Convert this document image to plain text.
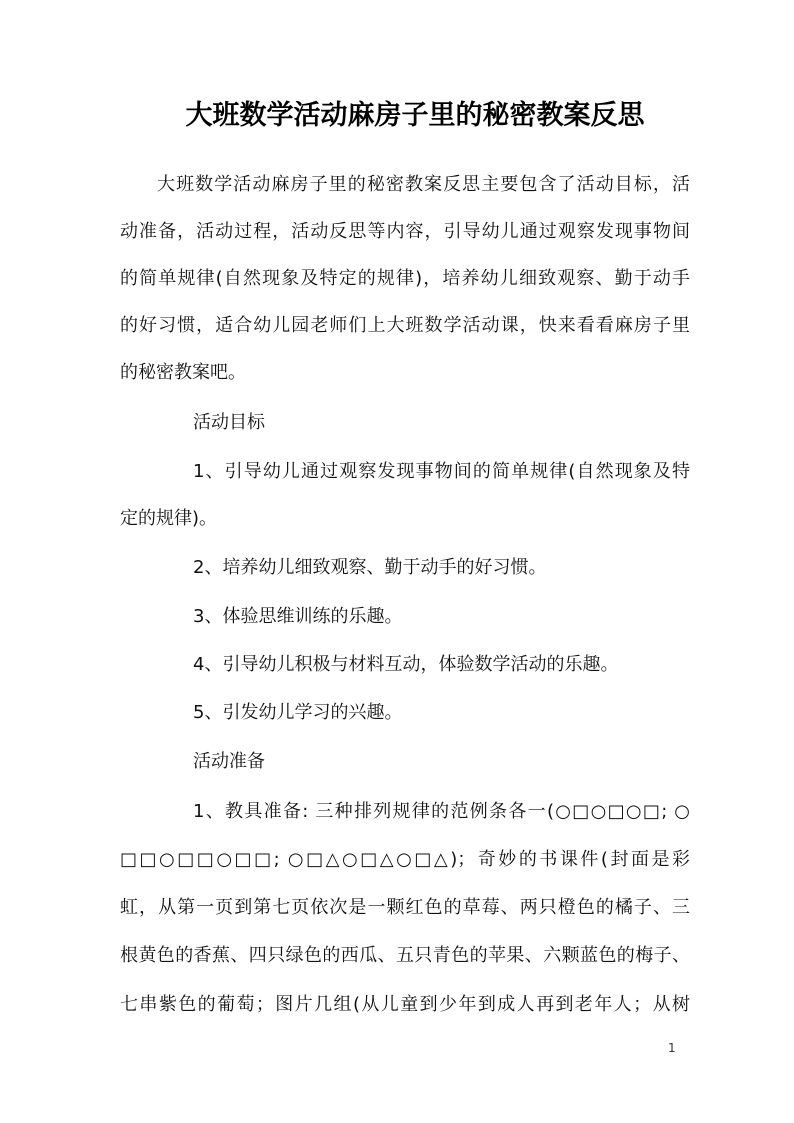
大班数学活动麻房子里的秘密教案反思
大班数学活动麻房子里的秘密教案反思主要包含了活动目标，活
动准备，活动过程，活动反思等内容，引导幼儿通过观察发现事物间
的简单规律(自然现象及特定的规律)，培养幼儿细致观察、勤于动手
的好习惯，适合幼儿园老师们上大班数学活动课，快来看看麻房子里
的秘密教案吧。
活动目标
1、引导幼儿通过观察发现事物间的简单规律(自然现象及特
定的规律)。
2、培养幼儿细致观察、勤于动手的好习惯。
3、体验思维训练的乐趣。
4、引导幼儿积极与材料互动，体验数学活动的乐趣。
5、引发幼儿学习的兴趣。
活动准备
1、教具准备: 三种排列规律的范例条各一(○□○□○□; ○
□□○□□○□□; ○□△○□△○□△)；奇妙的书课件(封面是彩
虹，从第一页到第七页依次是一颗红色的草莓、两只橙色的橘子、三
根黄色的香蕉、四只绿色的西瓜、五只青色的苹果、六颗蓝色的梅子、
七串紫色的葡萄；图片几组(从儿童到少年到成人再到老年人；从树
1
